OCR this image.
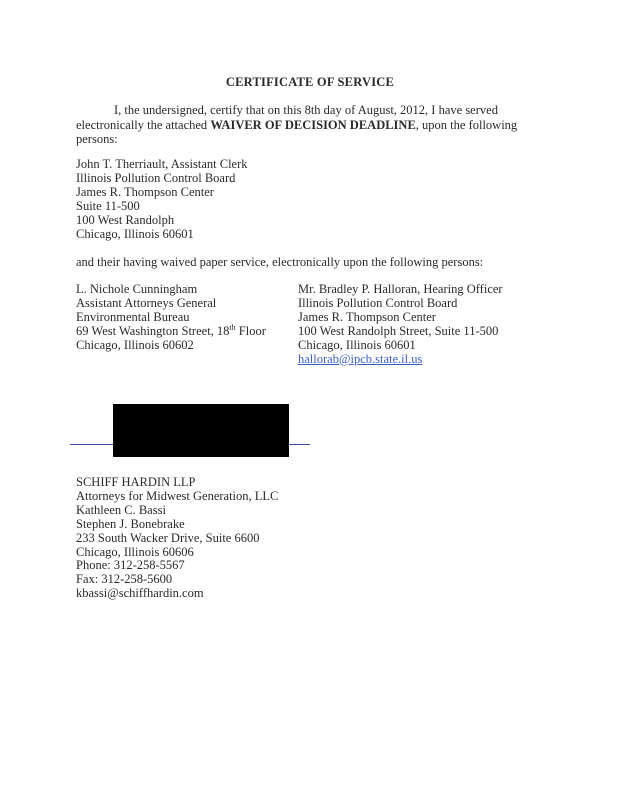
CERTIFICATE OF SERVICE
I, the undersigned, certify that on this 8th day of August, 2012, I have served electronically the attached WAIVER OF DECISION DEADLINE, upon the following persons:
John T. Therriault, Assistant Clerk
Illinois Pollution Control Board
James R. Thompson Center
Suite 11-500
100 West Randolph
Chicago, Illinois 60601
and their having waived paper service, electronically upon the following persons:
L. Nichole Cunningham
Assistant Attorneys General
Environmental Bureau
69 West Washington Street, 18th Floor
Chicago, Illinois 60602
Mr. Bradley P. Halloran, Hearing Officer
Illinois Pollution Control Board
James R. Thompson Center
100 West Randolph Street, Suite 11-500
Chicago, Illinois 60601
hallorab@ipcb.state.il.us
SCHIFF HARDIN LLP
Attorneys for Midwest Generation, LLC
Kathleen C. Bassi
Stephen J. Bonebrake
233 South Wacker Drive, Suite 6600
Chicago, Illinois 60606
Phone: 312-258-5567
Fax: 312-258-5600
kbassi@schiffhardin.com
